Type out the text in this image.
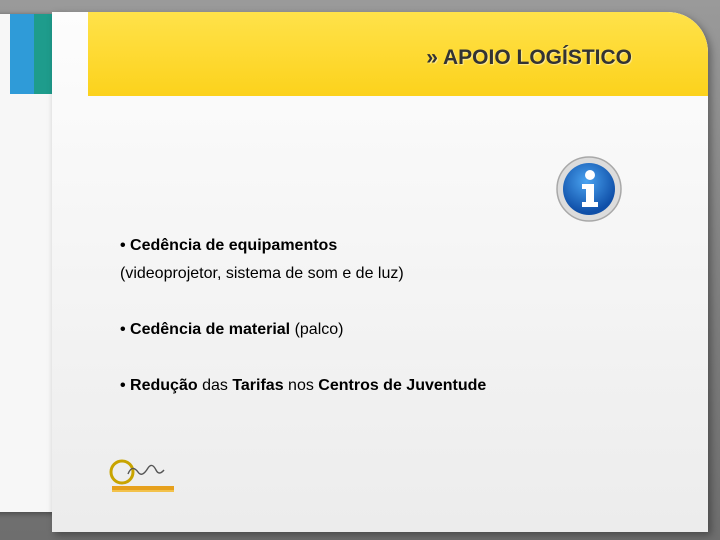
» APOIO LOGÍSTICO
• Cedência de equipamentos
(videoprojetor, sistema de som e de luz)
• Cedência de material (palco)
• Redução das Tarifas nos Centros de Juventude
